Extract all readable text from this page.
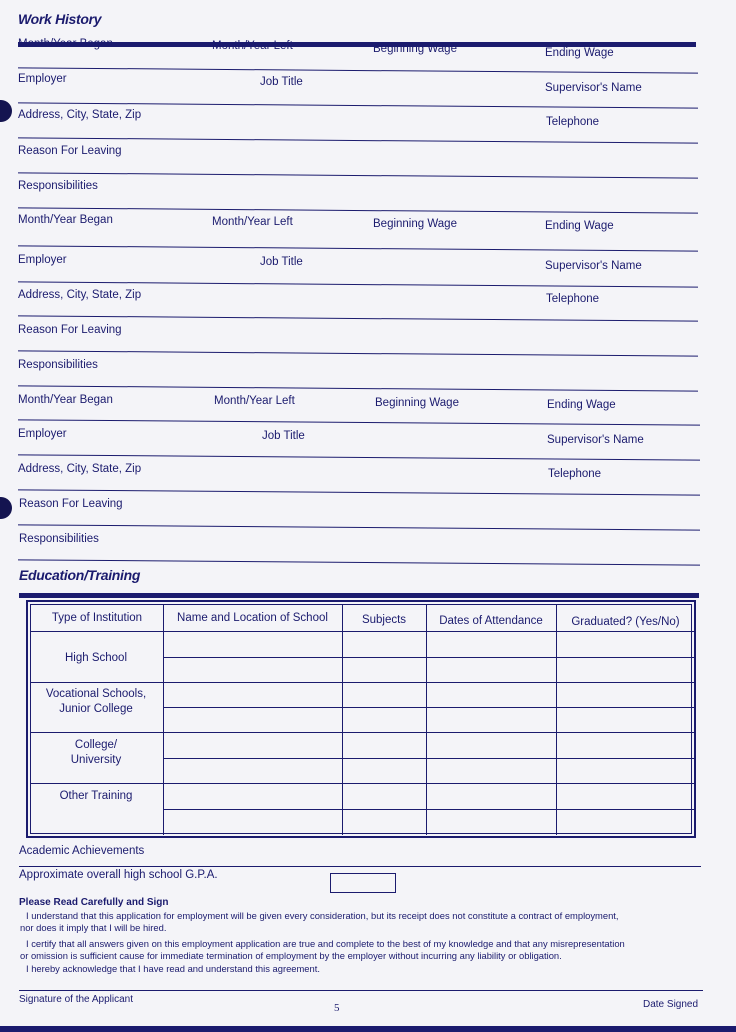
Work History
Month/Year Began	Month/Year Left	Beginning Wage	Ending Wage
Employer	Job Title	Supervisor's Name
Address, City, State, Zip
Telephone
Reason For Leaving
Responsibilities
Month/Year Began	Month/Year Left	Beginning Wage	Ending Wage
Employer	Job Title	Supervisor's Name
Address, City, State, Zip	Telephone
Reason For Leaving
Responsibilities
Month/Year Began	Month/Year Left	Beginning Wage	Ending Wage
Employer	Job Title	Supervisor's Name
Address, City, State, Zip	Telephone
Reason For Leaving
Responsibilities
Education/Training
Type of Institution	Name and Location of School	Subjects	Dates of Attendance	Graduated? (Yes/No)
High School
Vocational Schools,
Junior College
College/
University
Other Training
Academic Achievements
Approximate overall high school G.P.A.
Please Read Carefully and Sign
I understand that this application for employment will be given every consideration, but its receipt does not constitute a contract of employment,
nor does it imply that I will be hired.
I certify that all answers given on this employment application are true and complete to the best of my knowledge and that any misrepresentation
or omission is sufficient cause for immediate termination of employment by the employer without incurring any liability or obligation.
I hereby acknowledge that I have read and understand this agreement.
Signature of the Applicant	Date Signed
5
